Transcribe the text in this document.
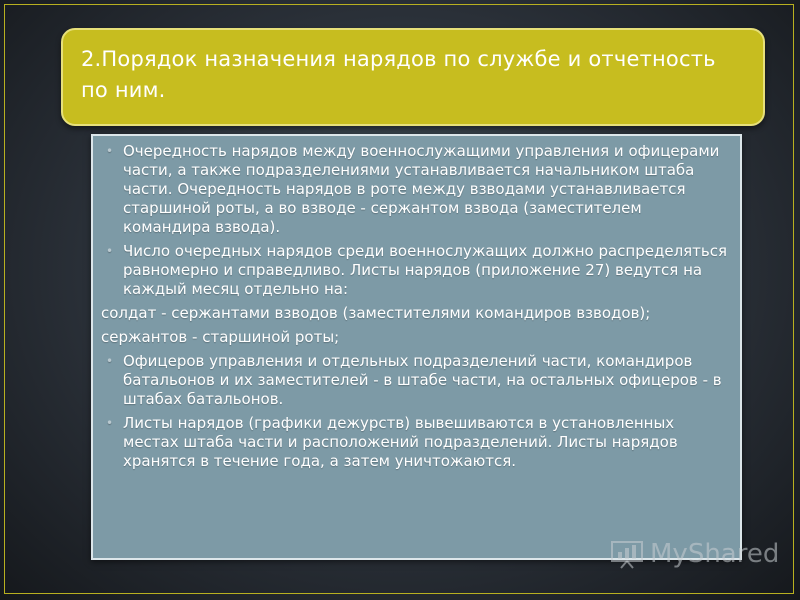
2.Порядок назначения нарядов по службе и отчетность по ним.
• Очередность нарядов между военнослужащими управления и офицерами части, а также подразделениями устанавливается начальником штаба части. Очередность нарядов в роте между взводами устанавливается старшиной роты, а во взводе - сержантом взвода (заместителем командира взвода).
• Число очередных нарядов среди военнослужащих должно распределяться равномерно и справедливо. Листы нарядов (приложение 27) ведутся на каждый месяц отдельно на:
солдат - сержантами взводов (заместителями командиров взводов);
сержантов - старшиной роты;
• Офицеров управления и отдельных подразделений части, командиров батальонов и их заместителей - в штабе части, на остальных офицеров - в штабах батальонов.
• Листы нарядов (графики дежурств) вывешиваются в установленных местах штаба части и расположений подразделений. Листы нарядов хранятся в течение года, а затем уничтожаются.
MyShared
